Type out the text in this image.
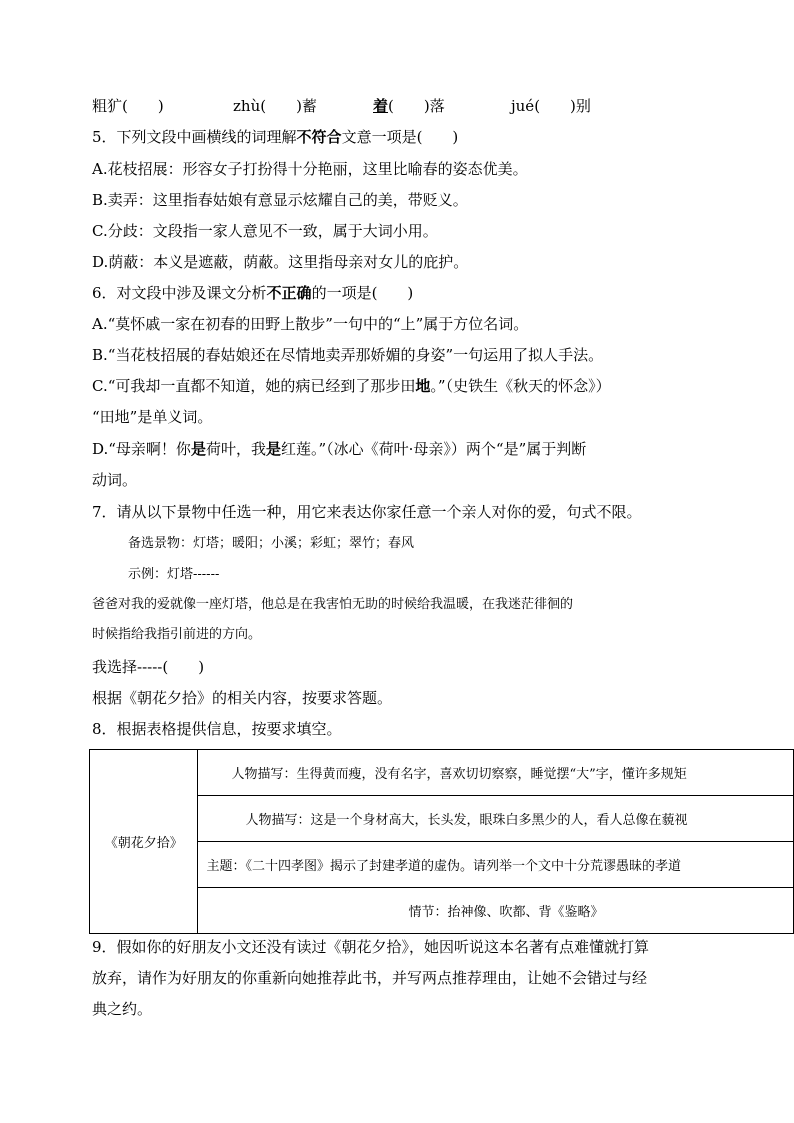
粗犷(　　)	zhù(　　)蓄	着(　　)落	jué(　　)别
5．下列文段中画横线的词理解不符合文意一项是(　　)
A.花枝招展：形容女子打扮得十分艳丽，这里比喻春的姿态优美。
B.卖弄：这里指春姑娘有意显示炫耀自己的美，带贬义。
C.分歧：文段指一家人意见不一致，属于大词小用。
D.荫蔽：本义是遮蔽，荫蔽。这里指母亲对女儿的庇护。
6．对文段中涉及课文分析不正确的一项是(　　)
A.“莫怀戚一家在初春的田野上散步”一句中的“上”属于方位名词。
B.“当花枝招展的春姑娘还在尽情地卖弄那娇媚的身姿”一句运用了拟人手法。
C.“可我却一直都不知道，她的病已经到了那步田地。”（史铁生《秋天的怀念》）
“田地”是单义词。
D.“母亲啊！你是荷叶，我是红莲。”（冰心《荷叶·母亲》）两个“是”属于判断
动词。
7．请从以下景物中任选一种，用它来表达你家任意一个亲人对你的爱，句式不限。
备选景物：灯塔；暖阳；小溪；彩虹；翠竹；春风
示例：灯塔------
爸爸对我的爱就像一座灯塔，他总是在我害怕无助的时候给我温暖，在我迷茫徘徊的
时候指给我指引前进的方向。
我选择-----(　　)
根据《朝花夕拾》的相关内容，按要求答题。
8．根据表格提供信息，按要求填空。
《朝花夕拾》	
人物描写：生得黄而瘦，没有名字，喜欢切切察察，睡觉摆“大”字，懂许多规矩

人物描写：这是一个身材高大，长头发，眼珠白多黑少的人，看人总像在藐视

主题：《二十四孝图》揭示了封建孝道的虚伪。请列举一个文中十分荒谬愚昧的孝道

情节：抬神像、吹都、背《鉴略》
9．假如你的好朋友小文还没有读过《朝花夕拾》，她因听说这本名著有点难懂就打算
放弃，请作为好朋友的你重新向她推荐此书，并写两点推荐理由，让她不会错过与经
典之约。
